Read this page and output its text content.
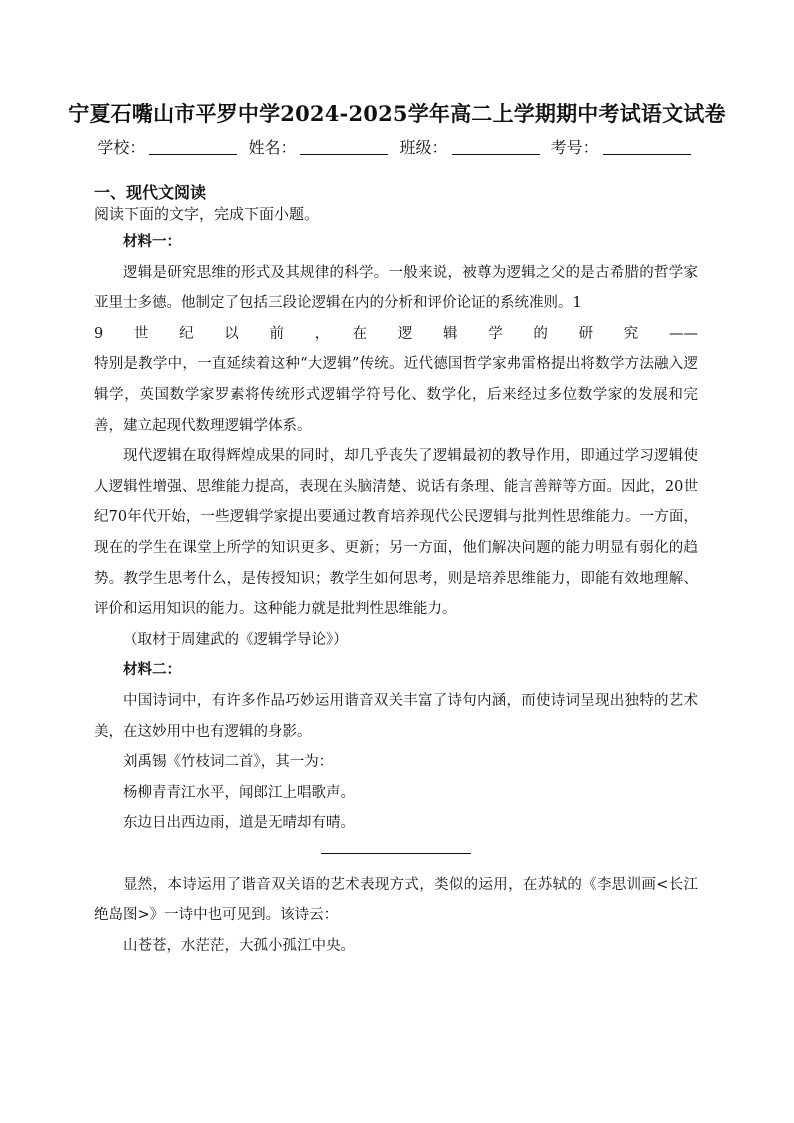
宁夏石嘴山市平罗中学2024-2025学年高二上学期期中考试语文试卷
学校：	姓名：	班级：	考号：
一、现代文阅读
阅读下面的文字，完成下面小题。

材料一：

逻辑是研究思维的形式及其规律的科学。一般来说，被尊为逻辑之父的是古希腊的哲学家亚里士多德。他制定了包括三段论逻辑在内的分析和评价论证的系统准则。1

9　世　纪　以　前　，　在　逻　辑　学　的　研　究　——

特别是教学中，一直延续着这种“大逻辑”传统。近代德国哲学家弗雷格提出将数学方法融入逻辑学，英国数学家罗素将传统形式逻辑学符号化、数学化，后来经过多位数学家的发展和完善，建立起现代数理逻辑学体系。

现代逻辑在取得辉煌成果的同时，却几乎丧失了逻辑最初的教导作用，即通过学习逻辑使人逻辑性增强、思维能力提高，表现在头脑清楚、说话有条理、能言善辩等方面。因此，20世纪70年代开始，一些逻辑学家提出要通过教育培养现代公民逻辑与批判性思维能力。一方面，现在的学生在课堂上所学的知识更多、更新；另一方面，他们解决问题的能力明显有弱化的趋势。教学生思考什么，是传授知识；教学生如何思考，则是培养思维能力，即能有效地理解、评价和运用知识的能力。这种能力就是批判性思维能力。

（取材于周建武的《逻辑学导论》）

材料二：

中国诗词中，有许多作品巧妙运用谐音双关丰富了诗句内涵，而使诗词呈现出独特的艺术美，在这妙用中也有逻辑的身影。

刘禹锡《竹枝词二首》，其一为：

杨柳青青江水平，闻郎江上唱歌声。

东边日出西边雨，道是无晴却有晴。

显然，本诗运用了谐音双关语的艺术表现方式，类似的运用，在苏轼的《李思训画<长江绝岛图>》一诗中也可见到。该诗云：

山苍苍，水茫茫，大孤小孤江中央。
